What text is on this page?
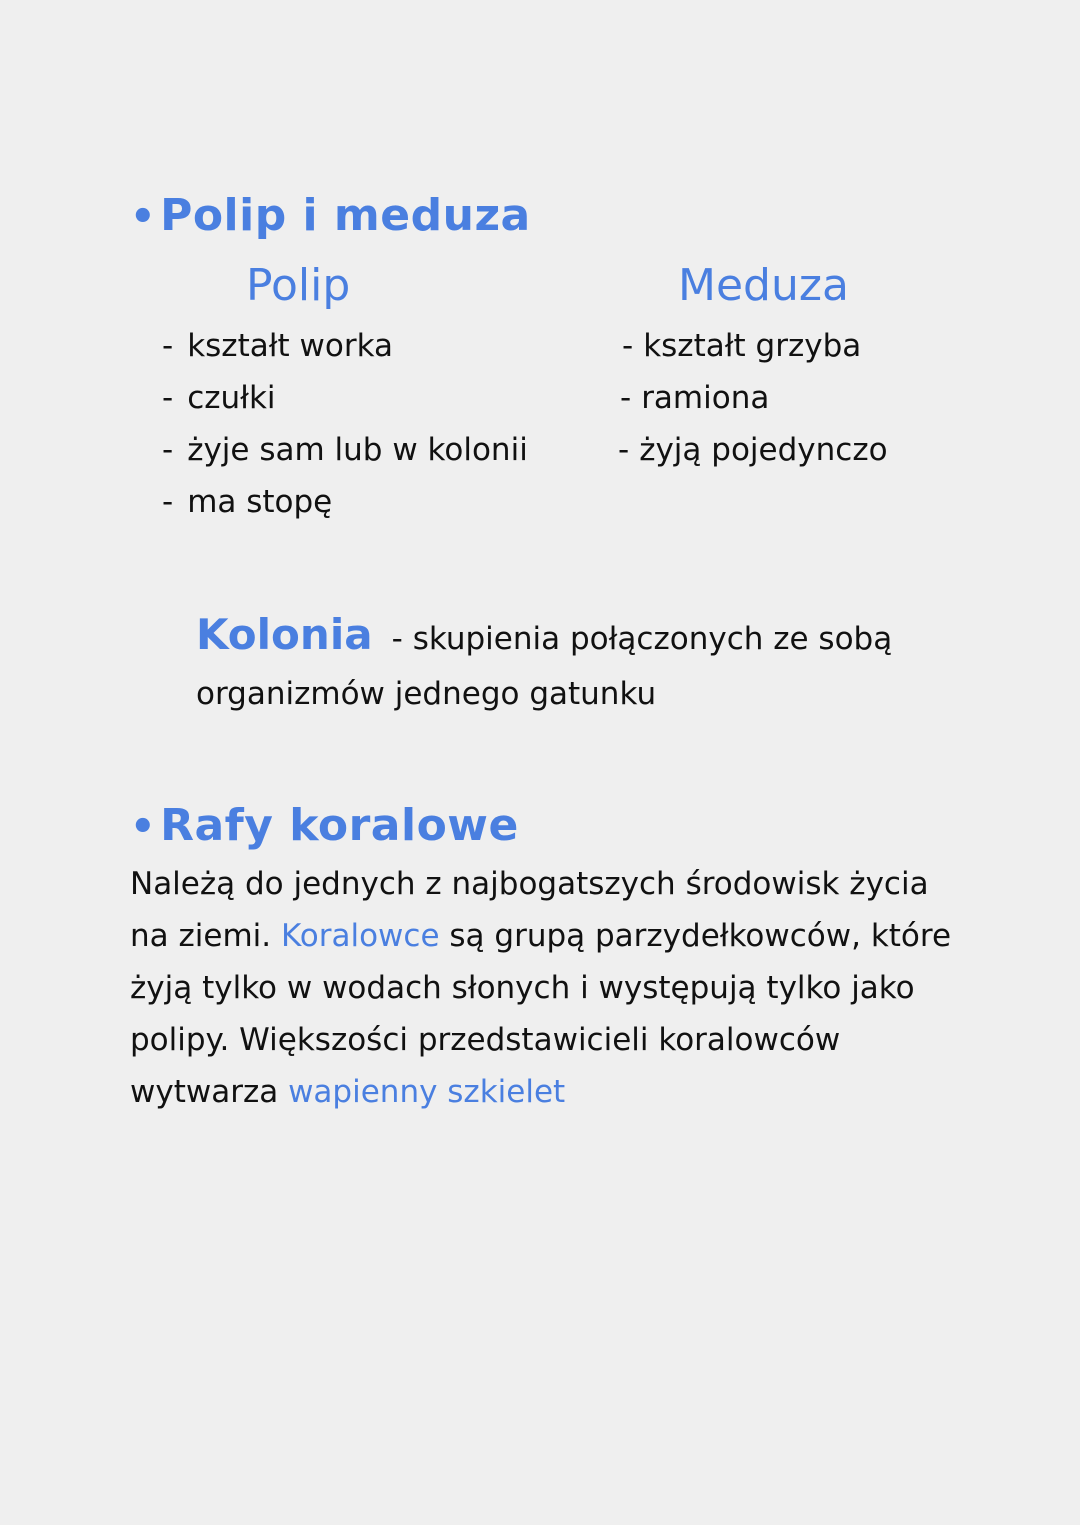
•Polip i meduza
Polip	Meduza
- kształt worka
- czułki
- żyje sam lub w kolonii
- ma stopę
- kształt grzyba
- ramiona
- żyją pojedynczo
Kolonia - skupienia połączonych ze sobą
organizmów jednego gatunku
•Rafy koralowe
Należą do jednych z najbogatszych środowisk życia
na ziemi. Koralowce są grupą parzydełkowców, które
żyją tylko w wodach słonych i występują tylko jako
polipy. Większości przedstawicieli koralowców
wytwarza wapienny szkielet
